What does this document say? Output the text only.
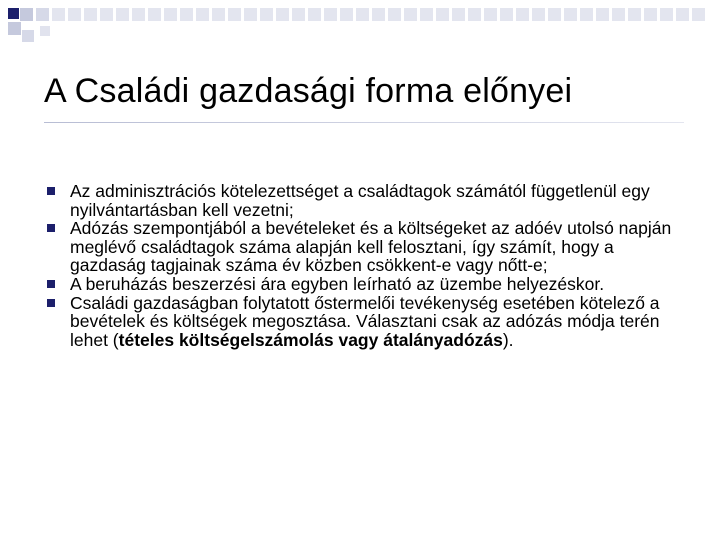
A Családi gazdasági forma előnyei
Az adminisztrációs kötelezettséget a családtagok számától függetlenül egy nyilvántartásban kell vezetni;
Adózás szempontjából a bevételeket és a költségeket az adóév utolsó napján meglévő családtagok száma alapján kell felosztani, így számít, hogy a gazdaság tagjainak száma év közben csökkent-e vagy nőtt-e;
A beruházás beszerzési ára egyben leírható az üzembe helyezéskor.
Családi gazdaságban folytatott őstermelői tevékenység esetében kötelező a bevételek és költségek megosztása. Választani csak az adózás módja terén lehet (tételes költségelszámolás vagy átalányadózás).
